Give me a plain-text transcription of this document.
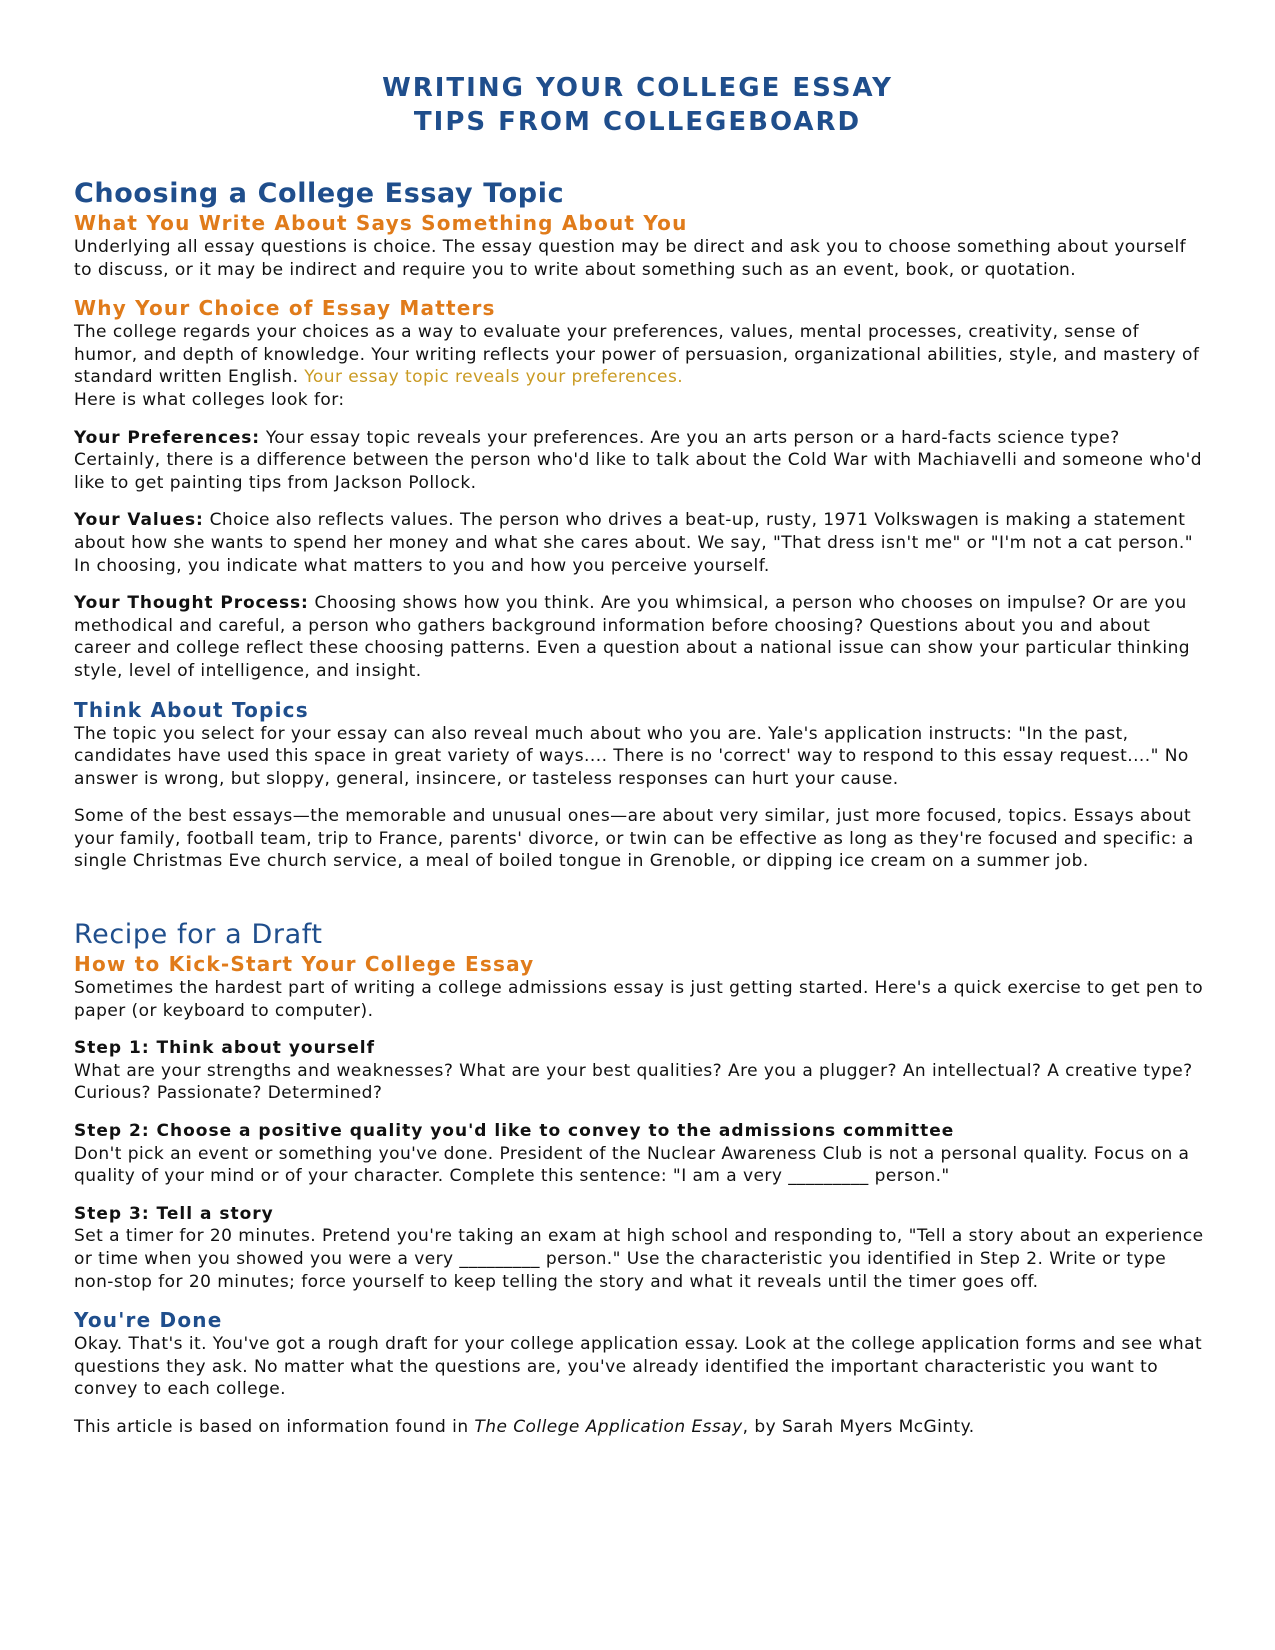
WRITING YOUR COLLEGE ESSAY
TIPS FROM COLLEGEBOARD
Choosing a College Essay Topic
What You Write About Says Something About You

Underlying all essay questions is choice. The essay question may be direct and ask you to choose something about yourself to discuss, or it may be indirect and require you to write about something such as an event, book, or quotation.

Why Your Choice of Essay Matters

The college regards your choices as a way to evaluate your preferences, values, mental processes, creativity, sense of humor, and depth of knowledge. Your writing reflects your power of persuasion, organizational abilities, style, and mastery of standard written English. Your essay topic reveals your preferences.
Here is what colleges look for:

Your Preferences: Your essay topic reveals your preferences. Are you an arts person or a hard-facts science type? Certainly, there is a difference between the person who'd like to talk about the Cold War with Machiavelli and someone who'd like to get painting tips from Jackson Pollock.

Your Values: Choice also reflects values. The person who drives a beat-up, rusty, 1971 Volkswagen is making a statement about how she wants to spend her money and what she cares about. We say, "That dress isn't me" or "I'm not a cat person." In choosing, you indicate what matters to you and how you perceive yourself.

Your Thought Process: Choosing shows how you think. Are you whimsical, a person who chooses on impulse? Or are you methodical and careful, a person who gathers background information before choosing? Questions about you and about career and college reflect these choosing patterns. Even a question about a national issue can show your particular thinking style, level of intelligence, and insight.

Think About Topics

The topic you select for your essay can also reveal much about who you are. Yale's application instructs: "In the past, candidates have used this space in great variety of ways.... There is no 'correct' way to respond to this essay request...." No answer is wrong, but sloppy, general, insincere, or tasteless responses can hurt your cause.

Some of the best essays—the memorable and unusual ones—are about very similar, just more focused, topics. Essays about your family, football team, trip to France, parents' divorce, or twin can be effective as long as they're focused and specific: a single Christmas Eve church service, a meal of boiled tongue in Grenoble, or dipping ice cream on a summer job.

Recipe for a Draft
How to Kick-Start Your College Essay

Sometimes the hardest part of writing a college admissions essay is just getting started. Here's a quick exercise to get pen to paper (or keyboard to computer).

Step 1: Think about yourself

What are your strengths and weaknesses? What are your best qualities? Are you a plugger? An intellectual? A creative type? Curious? Passionate? Determined?

Step 2: Choose a positive quality you'd like to convey to the admissions committee

Don't pick an event or something you've done. President of the Nuclear Awareness Club is not a personal quality. Focus on a quality of your mind or of your character. Complete this sentence: "I am a very _________ person."

Step 3: Tell a story

Set a timer for 20 minutes. Pretend you're taking an exam at high school and responding to, "Tell a story about an experience or time when you showed you were a very _________ person." Use the characteristic you identified in Step 2. Write or type non-stop for 20 minutes; force yourself to keep telling the story and what it reveals until the timer goes off.

You're Done

Okay. That's it. You've got a rough draft for your college application essay. Look at the college application forms and see what questions they ask. No matter what the questions are, you've already identified the important characteristic you want to convey to each college.

This article is based on information found in The College Application Essay, by Sarah Myers McGinty.
